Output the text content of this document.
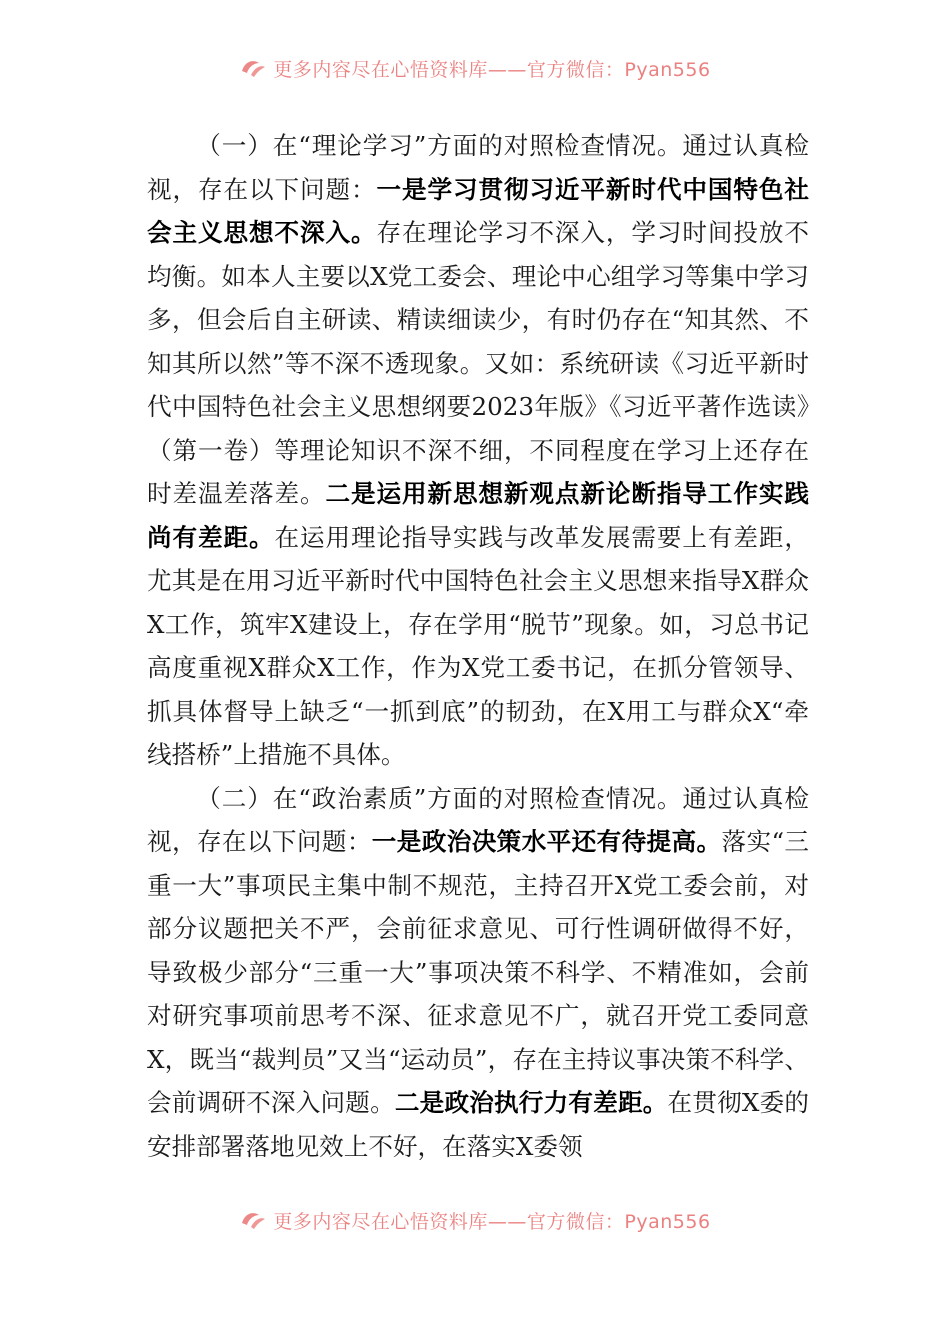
更多内容尽在心悟资料库——官方微信：Pyan556

（一）在“理论学习”方面的对照检查情况。通过认真检视，存在以下问题：一是学习贯彻习近平新时代中国特色社会主义思想不深入。存在理论学习不深入，学习时间投放不均衡。如本人主要以X党工委会、理论中心组学习等集中学习多，但会后自主研读、精读细读少，有时仍存在“知其然、不知其所以然”等不深不透现象。又如：系统研读《习近平新时代中国特色社会主义思想纲要2023年版》《习近平著作选读》（第一卷）等理论知识不深不细，不同程度在学习上还存在时差温差落差。二是运用新思想新观点新论断指导工作实践尚有差距。在运用理论指导实践与改革发展需要上有差距，尤其是在用习近平新时代中国特色社会主义思想来指导X群众X工作，筑牢X建设上，存在学用“脱节”现象。如，习总书记高度重视X群众X工作，作为X党工委书记，在抓分管领导、抓具体督导上缺乏“一抓到底”的韧劲，在X用工与群众X“牵线搭桥”上措施不具体。

（二）在“政治素质”方面的对照检查情况。通过认真检视，存在以下问题：一是政治决策水平还有待提高。落实“三重一大”事项民主集中制不规范，主持召开X党工委会前，对部分议题把关不严，会前征求意见、可行性调研做得不好，导致极少部分“三重一大”事项决策不科学、不精准如，会前对研究事项前思考不深、征求意见不广，就召开党工委同意X，既当“裁判员”又当“运动员”，存在主持议事决策不科学、会前调研不深入问题。二是政治执行力有差距。在贯彻X委的安排部署落地见效上不好，在落实X委领

更多内容尽在心悟资料库——官方微信：Pyan556
